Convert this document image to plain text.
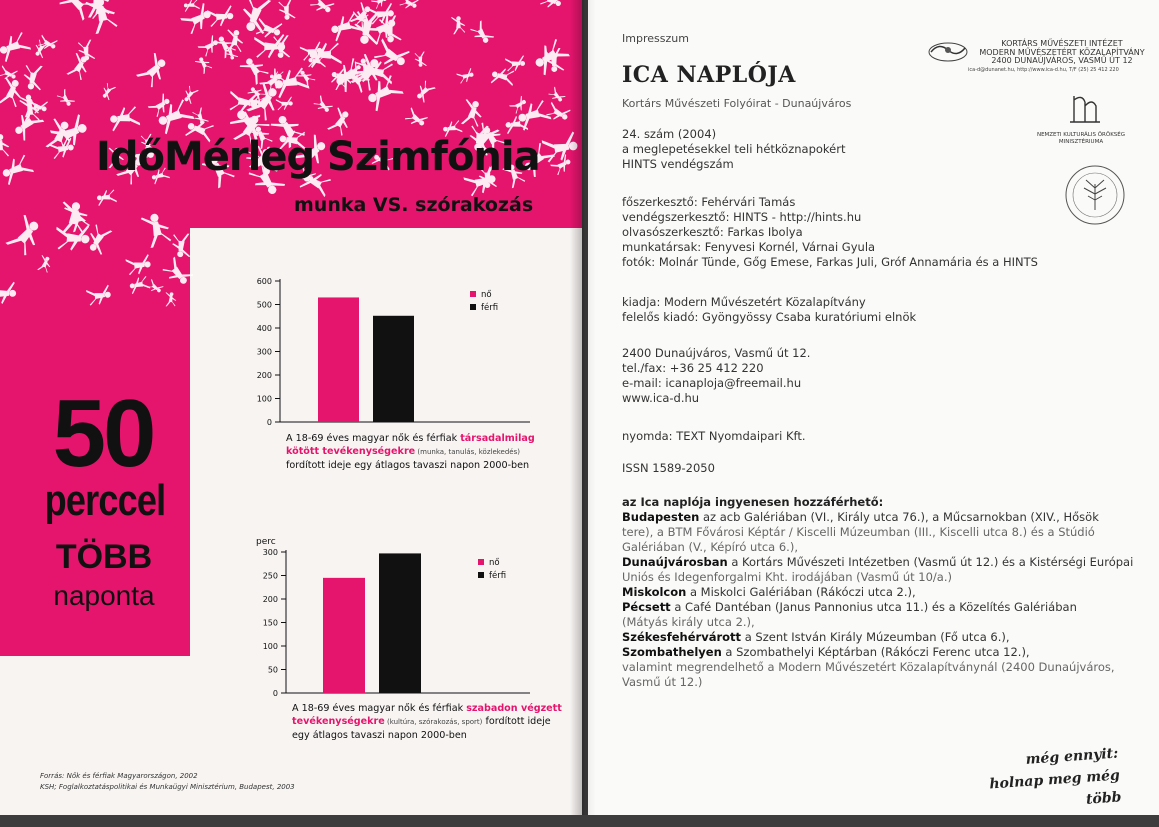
IdőMérleg Szimfónia
munka VS. szórakozás
50
perccel
TÖBB
naponta
0
100
200
300
400
500
600
nő
férfi
A 18-69 éves magyar nők és férfiak társadalmilag kötött tevékenységekre (munka, tanulás, közlekedés) fordított ideje egy átlagos tavaszi napon 2000-ben
perc
0
50
100
150
200
250
300
nő
férfi
A 18-69 éves magyar nők és férfiak szabadon végzett tevékenységekre (kultúra, szórakozás, sport) fordított ideje egy átlagos tavaszi napon 2000-ben
Forrás: Nők és férfiak Magyarországon, 2002
KSH; Foglalkoztatáspolitikai és Munkaügyi Minisztérium, Budapest, 2003
Impresszum
ICA NAPLÓJA
Kortárs Művészeti Folyóirat - Dunaújváros
24. szám (2004)
a meglepetésekkel teli hétköznapokért
HINTS vendégszám
főszerkesztő: Fehérvári Tamás
vendégszerkesztő: HINTS - http://hints.hu
olvasószerkesztő: Farkas Ibolya
munkatársak: Fenyvesi Kornél, Várnai Gyula
fotók: Molnár Tünde, Gőg Emese, Farkas Juli, Gróf Annamária és a HINTS
kiadja: Modern Művészetért Közalapítvány
felelős kiadó: Gyöngyössy Csaba kuratóriumi elnök
2400 Dunaújváros, Vasmű út 12.
tel./fax: +36 25 412 220
e-mail: icanaploja@freemail.hu
www.ica-d.hu
nyomda: TEXT Nyomdaipari Kft.
ISSN 1589-2050
az Ica naplója ingyenesen hozzáférhető:
Budapesten az acb Galériában (VI., Király utca 76.), a Műcsarnokban (XIV., Hősök
tere), a BTM Fővárosi Képtár / Kiscelli Múzeumban (III., Kiscelli utca 8.) és a Stúdió
Galériában (V., Képíró utca 6.),
Dunaújvárosban a Kortárs Művészeti Intézetben (Vasmű út 12.) és a Kistérségi Európai
Uniós és Idegenforgalmi Kht. irodájában (Vasmű út 10/a.)
Miskolcon a Miskolci Galériában (Rákóczi utca 2.),
Pécsett a Café Dantéban (Janus Pannonius utca 11.) és a Közelítés Galériában
(Mátyás király utca 2.),
Székesfehérvárott a Szent István Király Múzeumban (Fő utca 6.),
Szombathelyen a Szombathelyi Képtárban (Rákóczi Ferenc utca 12.),
valamint megrendelhető a Modern Művészetért Közalapítványnál (2400 Dunaújváros,
Vasmű út 12.)
KORTÁRS MŰVÉSZETI INTÉZET
MODERN MŰVÉSZETÉRT KÖZALAPÍTVÁNY
2400 DUNAÚJVÁROS, VASMŰ ÚT 12
ica-d@dunanet.hu, http://www.ica-d.hu, T/F (25) 25 412 220
NEMZETI KULTURÁLIS ÖRÖKSÉG
MINISZTÉRIUMA
még ennyit:
holnap meg még több
